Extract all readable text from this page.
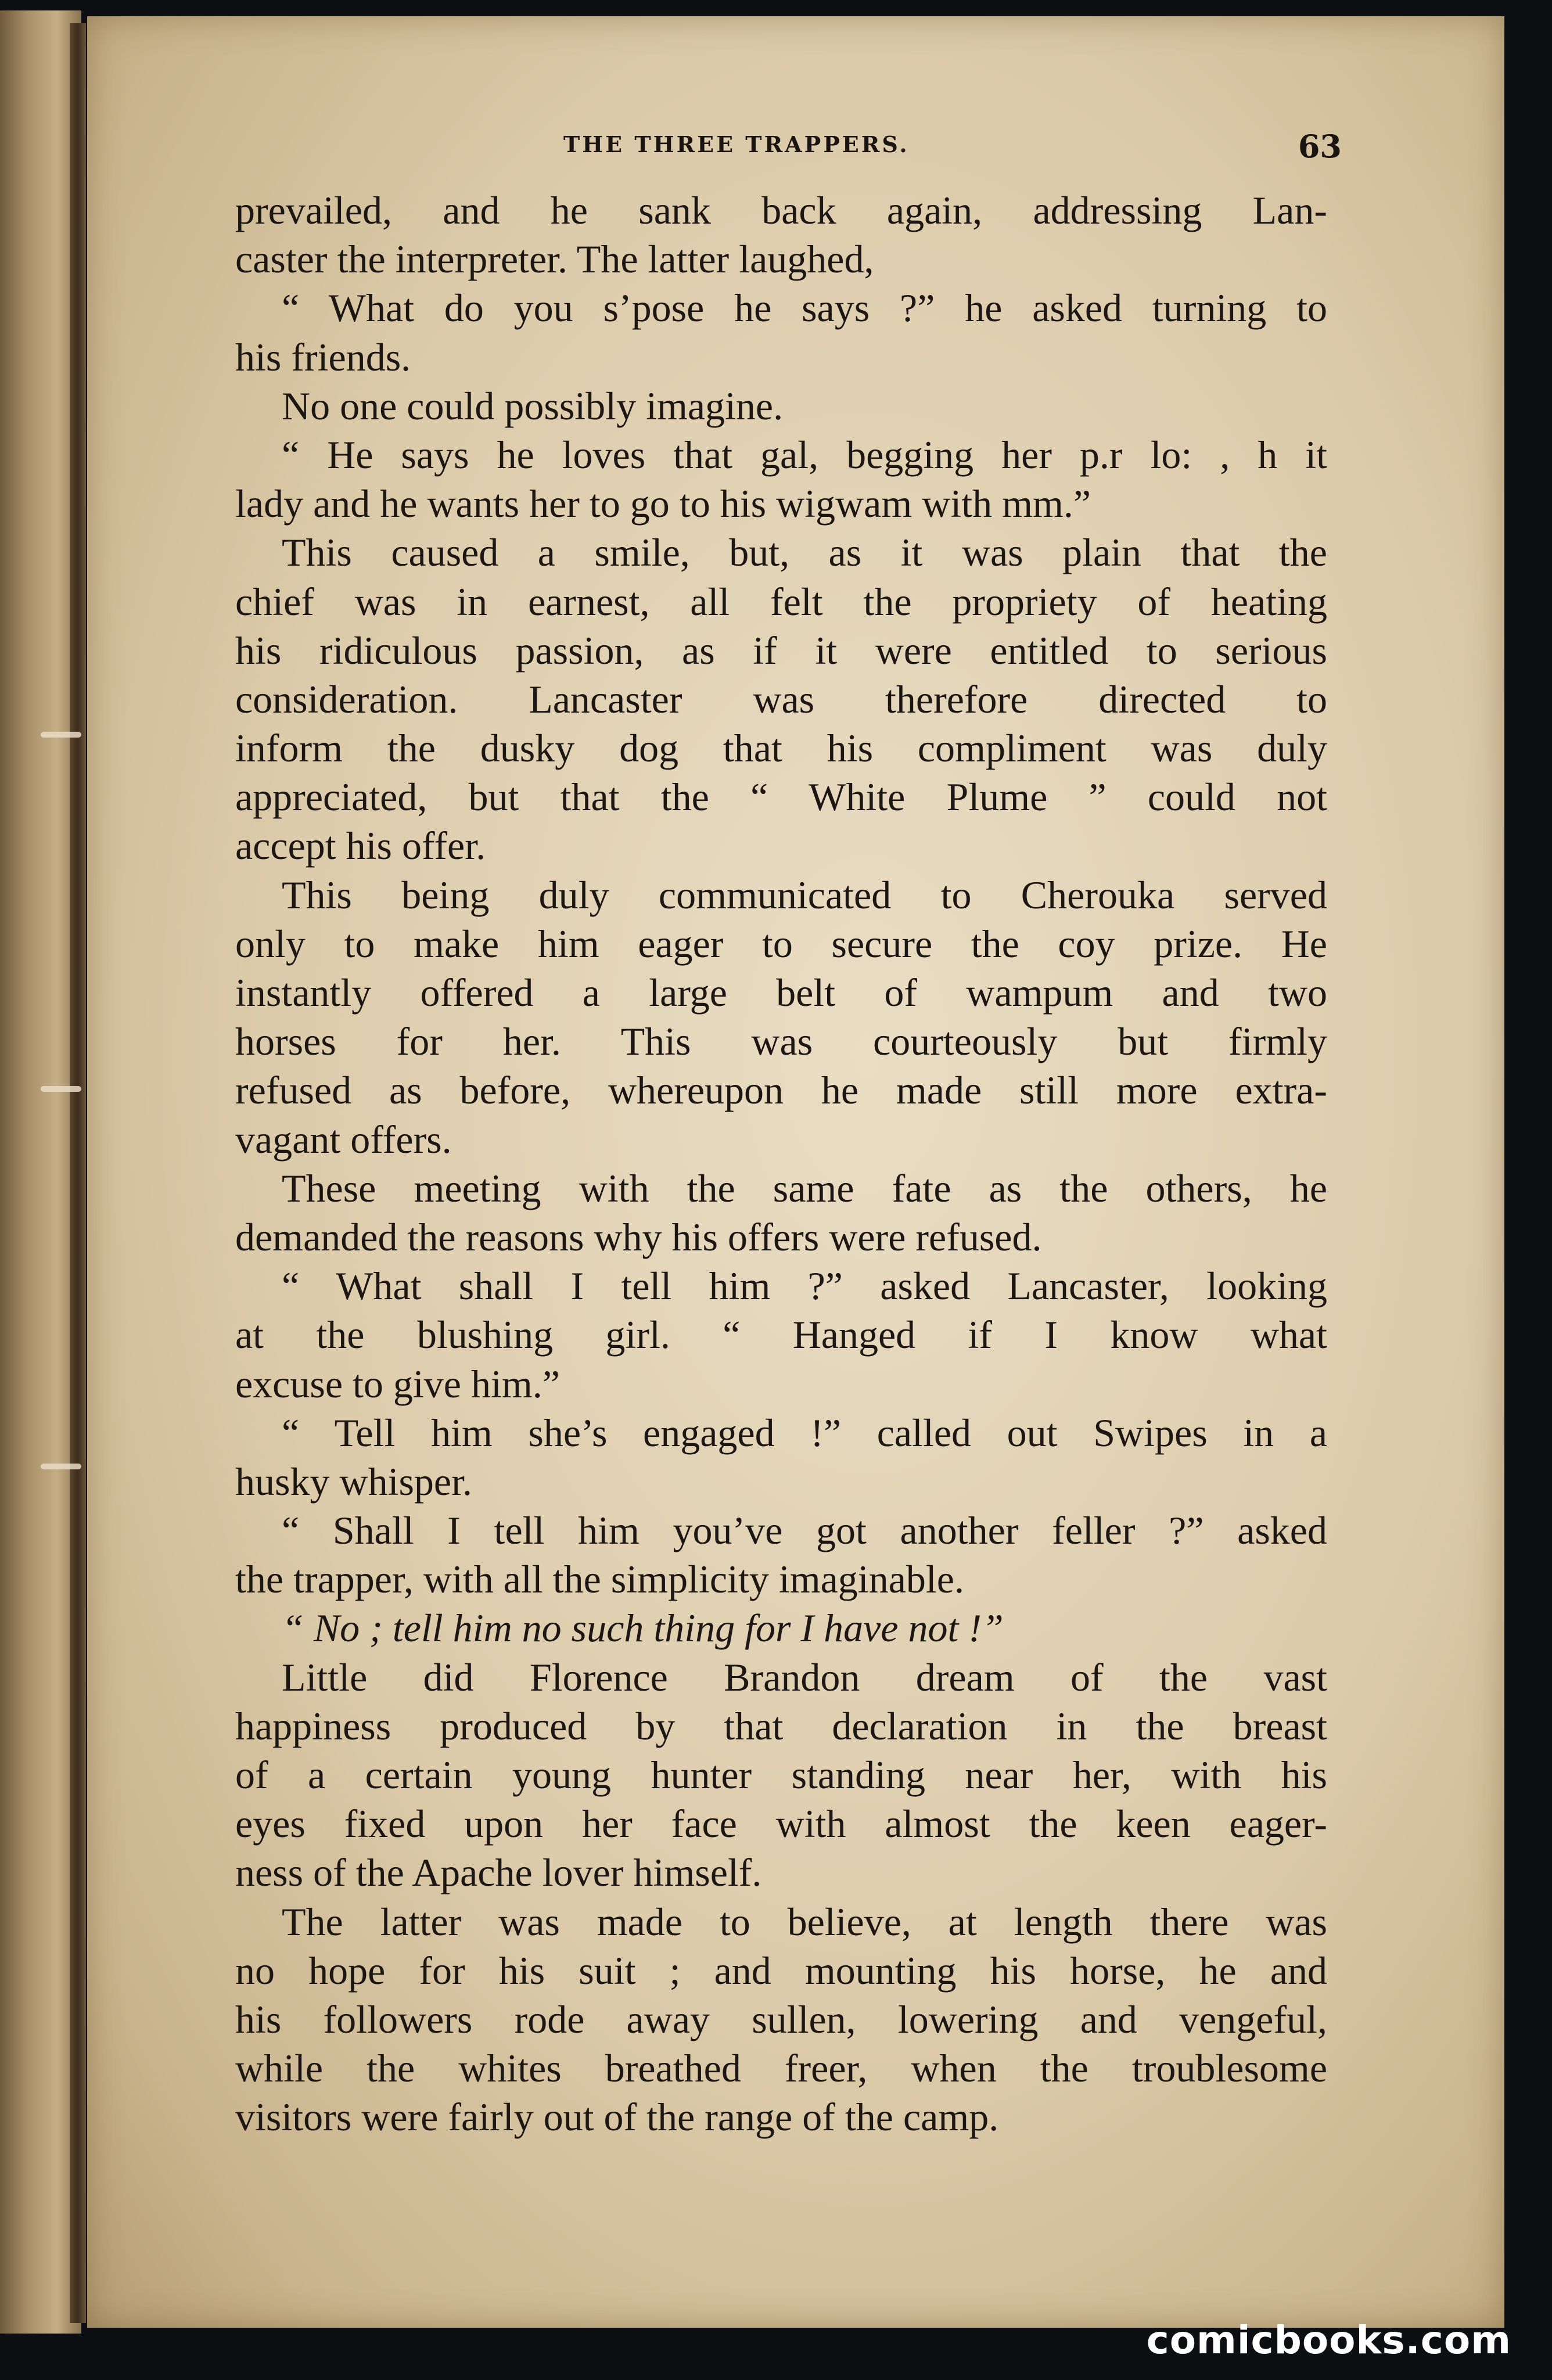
THE THREE TRAPPERS.	63
prevailed, and he sank back again, addressing Lan-
caster the interpreter. The latter laughed,
“ What do you s’pose he says ?” he asked turning to
his friends.
No one could possibly imagine.
“ He says he loves that gal, begging her p.r lo: , h it
lady and he wants her to go to his wigwam with mm.”
This caused a smile, but, as it was plain that the
chief was in earnest, all felt the propriety of heating
his ridiculous passion, as if it were entitled to serious
consideration. Lancaster was therefore directed to
inform the dusky dog that his compliment was duly
appreciated, but that the “ White Plume ” could not
accept his offer.
This being duly communicated to Cherouka served
only to make him eager to secure the coy prize. He
instantly offered a large belt of wampum and two
horses for her. This was courteously but firmly
refused as before, whereupon he made still more extra-
vagant offers.
These meeting with the same fate as the others, he
demanded the reasons why his offers were refused.
“ What shall I tell him ?” asked Lancaster, looking
at the blushing girl. “ Hanged if I know what
excuse to give him.”
“ Tell him she’s engaged !” called out Swipes in a
husky whisper.
“ Shall I tell him you’ve got another feller ?” asked
the trapper, with all the simplicity imaginable.
“ No ; tell him no such thing for I have not !”
Little did Florence Brandon dream of the vast
happiness produced by that declaration in the breast
of a certain young hunter standing near her, with his
eyes fixed upon her face with almost the keen eager-
ness of the Apache lover himself.
The latter was made to believe, at length there was
no hope for his suit ; and mounting his horse, he and
his followers rode away sullen, lowering and vengeful,
while the whites breathed freer, when the troublesome
visitors were fairly out of the range of the camp.
comicbooks.com
